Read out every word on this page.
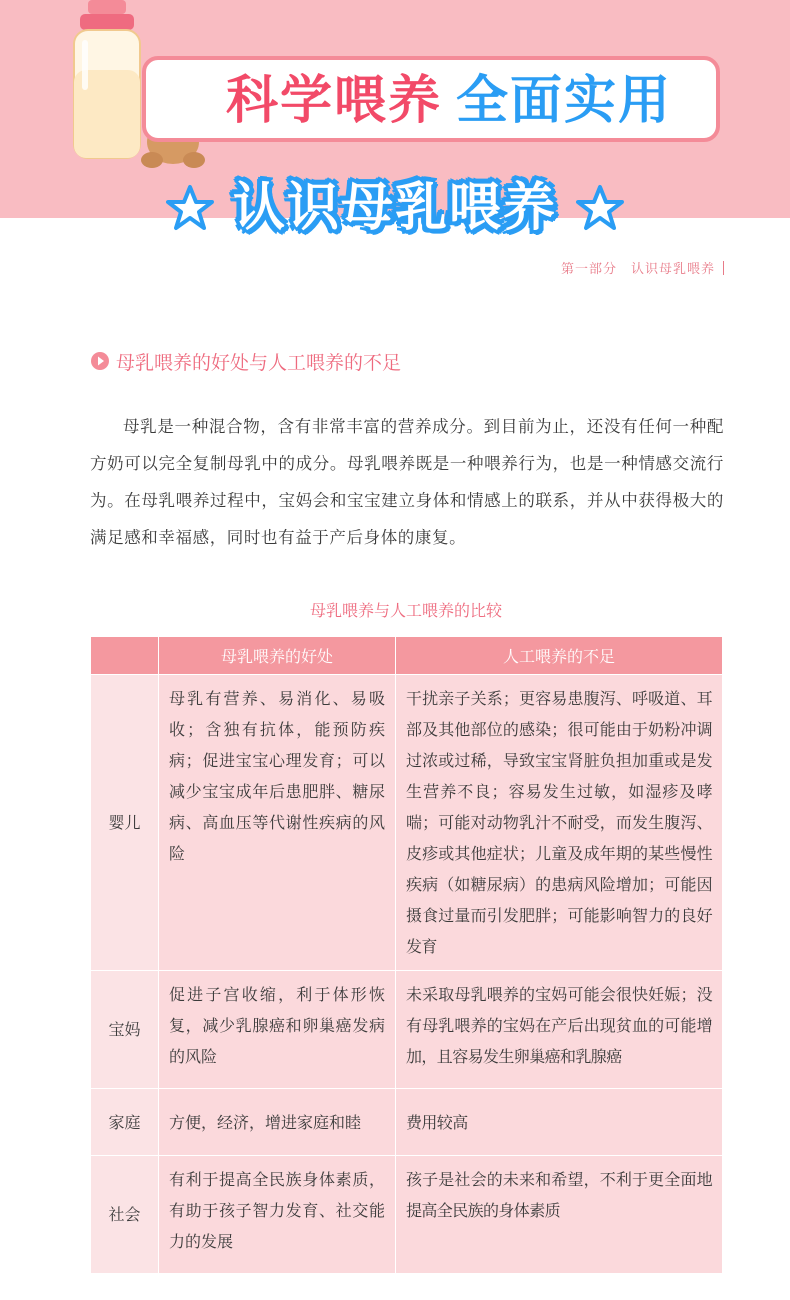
科学喂养 全面实用
认识母乳喂养
第一部分　认识母乳喂养
母乳喂养的好处与人工喂养的不足

母乳是一种混合物，含有非常丰富的营养成分。到目前为止，还没有任何一种配方奶可以完全复制母乳中的成分。母乳喂养既是一种喂养行为，也是一种情感交流行为。在母乳喂养过程中，宝妈会和宝宝建立身体和情感上的联系，并从中获得极大的满足感和幸福感，同时也有益于产后身体的康复。

母乳喂养与人工喂养的比较
	母乳喂养的好处	人工喂养的不足
婴儿	母乳有营养、易消化、易吸收；含独有抗体，能预防疾病；促进宝宝心理发育；可以减少宝宝成年后患肥胖、糖尿病、高血压等代谢性疾病的风险	干扰亲子关系；更容易患腹泻、呼吸道、耳部及其他部位的感染；很可能由于奶粉冲调过浓或过稀，导致宝宝肾脏负担加重或是发生营养不良；容易发生过敏，如湿疹及哮喘；可能对动物乳汁不耐受，而发生腹泻、皮疹或其他症状；儿童及成年期的某些慢性疾病（如糖尿病）的患病风险增加；可能因摄食过量而引发肥胖；可能影响智力的良好发育
宝妈	促进子宫收缩，利于体形恢复，减少乳腺癌和卵巢癌发病的风险	未采取母乳喂养的宝妈可能会很快妊娠；没有母乳喂养的宝妈在产后出现贫血的可能增加，且容易发生卵巢癌和乳腺癌
家庭	方便，经济，增进家庭和睦	费用较高
社会	有利于提高全民族身体素质，有助于孩子智力发育、社交能力的发展	孩子是社会的未来和希望，不利于更全面地提高全民族的身体素质
